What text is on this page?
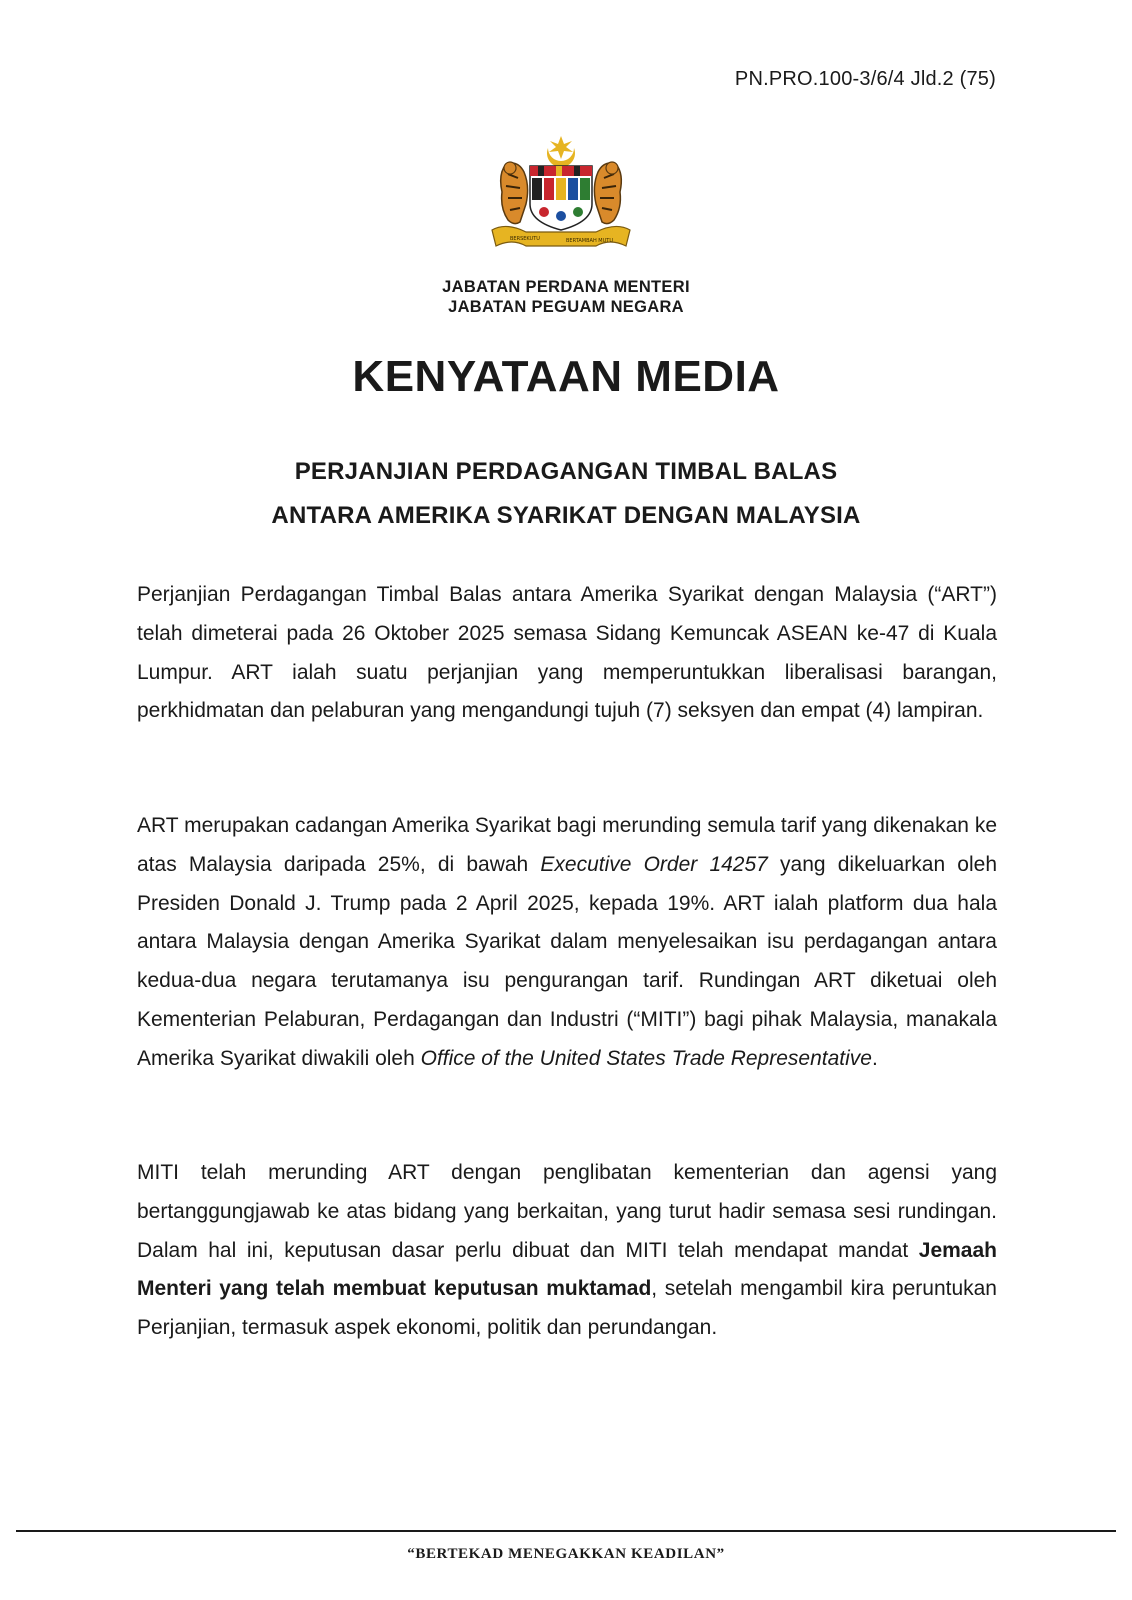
PN.PRO.100-3/6/4 Jld.2 (75)
BERSEKUTU	BERTAMBAH MUTU
JABATAN PERDANA MENTERI
JABATAN PEGUAM NEGARA
KENYATAAN MEDIA
PERJANJIAN PERDAGANGAN TIMBAL BALAS
ANTARA AMERIKA SYARIKAT DENGAN MALAYSIA
Perjanjian Perdagangan Timbal Balas antara Amerika Syarikat dengan Malaysia (“ART”) telah dimeterai pada 26 Oktober 2025 semasa Sidang Kemuncak ASEAN ke-47 di Kuala Lumpur. ART ialah suatu perjanjian yang memperuntukkan liberalisasi barangan, perkhidmatan dan pelaburan yang mengandungi tujuh (7) seksyen dan empat (4) lampiran.
ART merupakan cadangan Amerika Syarikat bagi merunding semula tarif yang dikenakan ke atas Malaysia daripada 25%, di bawah Executive Order 14257 yang dikeluarkan oleh Presiden Donald J. Trump pada 2 April 2025, kepada 19%. ART ialah platform dua hala antara Malaysia dengan Amerika Syarikat dalam menyelesaikan isu perdagangan antara kedua-dua negara terutamanya isu pengurangan tarif. Rundingan ART diketuai oleh Kementerian Pelaburan, Perdagangan dan Industri (“MITI”) bagi pihak Malaysia, manakala Amerika Syarikat diwakili oleh Office of the United States Trade Representative.
MITI telah merunding ART dengan penglibatan kementerian dan agensi yang bertanggungjawab ke atas bidang yang berkaitan, yang turut hadir semasa sesi rundingan. Dalam hal ini, keputusan dasar perlu dibuat dan MITI telah mendapat mandat Jemaah Menteri yang telah membuat keputusan muktamad, setelah mengambil kira peruntukan Perjanjian, termasuk aspek ekonomi, politik dan perundangan.
“BERTEKAD MENEGAKKAN KEADILAN”
